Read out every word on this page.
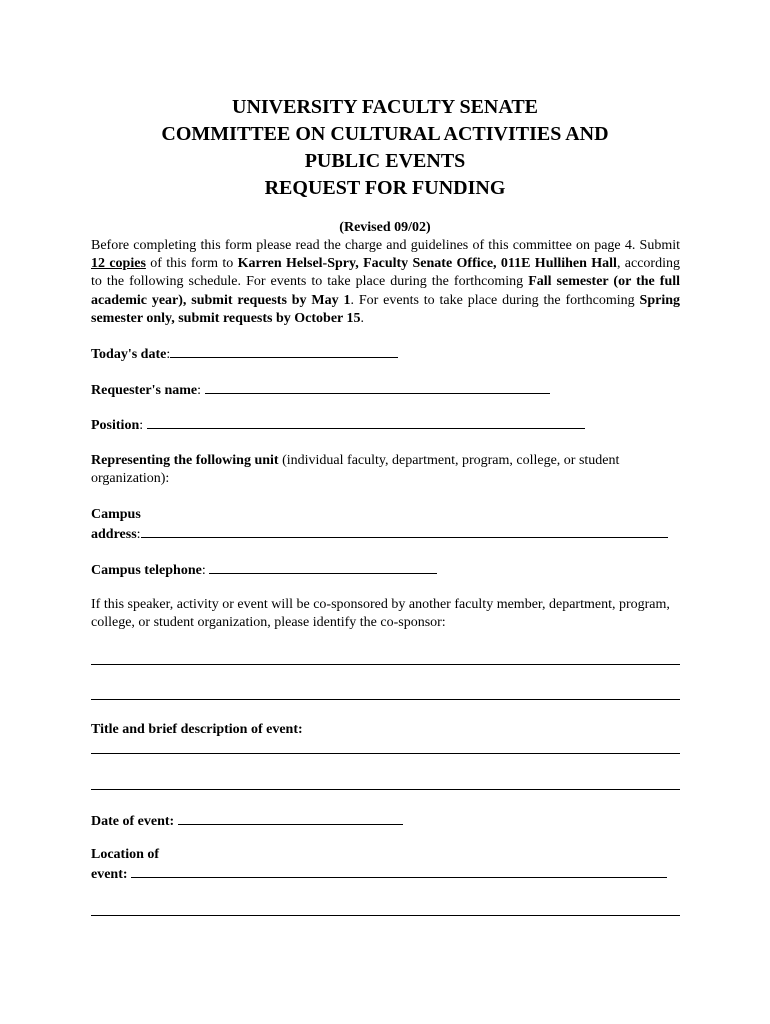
UNIVERSITY FACULTY SENATE
COMMITTEE ON CULTURAL ACTIVITIES AND
PUBLIC EVENTS
REQUEST FOR FUNDING
(Revised 09/02)
Before completing this form please read the charge and guidelines of this committee on page 4. Submit 12 copies of this form to Karren Helsel-Spry, Faculty Senate Office, 011E Hullihen Hall, according to the following schedule. For events to take place during the forthcoming Fall semester (or the full academic year), submit requests by May 1. For events to take place during the forthcoming Spring semester only, submit requests by October 15.
Today's date:
Requester's name:
Position:
Representing the following unit (individual faculty, department, program, college, or student organization):
Campus
address:
Campus telephone:
If this speaker, activity or event will be co-sponsored by another faculty member, department, program, college, or student organization, please identify the co-sponsor:
Title and brief description of event:
Date of event:
Location of
event:
